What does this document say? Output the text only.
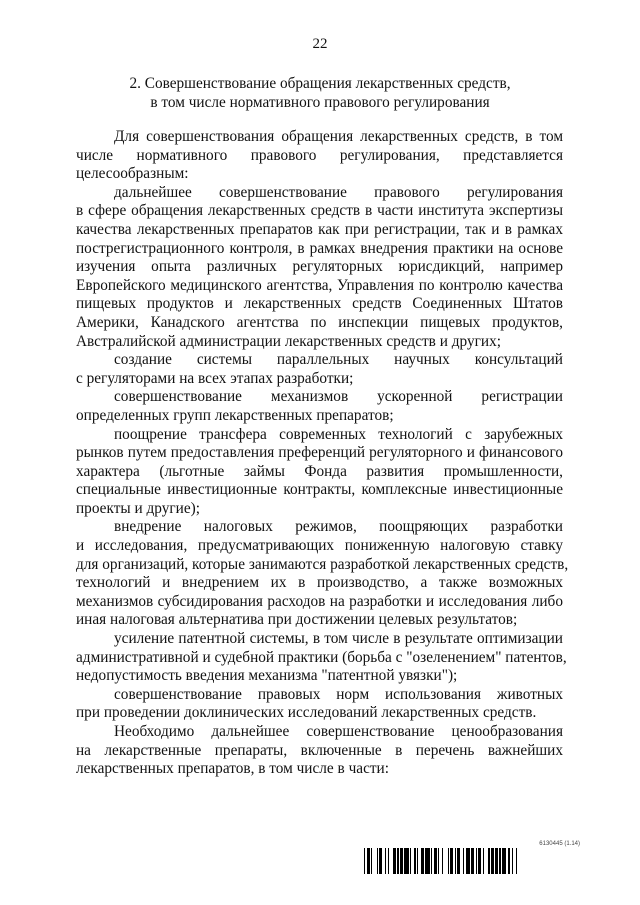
22
2. Совершенствование обращения лекарственных средств,
в том числе нормативного правового регулирования
Для совершенствования обращения лекарственных средств, в том
числе нормативного правового регулирования, представляется
целесообразным:
дальнейшее совершенствование правового регулирования
в сфере обращения лекарственных средств в части института экспертизы
качества лекарственных препаратов как при регистрации, так и в рамках
пострегистрационного контроля, в рамках внедрения практики на основе
изучения опыта различных регуляторных юрисдикций, например
Европейского медицинского агентства, Управления по контролю качества
пищевых продуктов и лекарственных средств Соединенных Штатов
Америки, Канадского агентства по инспекции пищевых продуктов,
Австралийской администрации лекарственных средств и других;
создание системы параллельных научных консультаций
с регуляторами на всех этапах разработки;
совершенствование механизмов ускоренной регистрации
определенных групп лекарственных препаратов;
поощрение трансфера современных технологий с зарубежных
рынков путем предоставления преференций регуляторного и финансового
характера (льготные займы Фонда развития промышленности,
специальные инвестиционные контракты, комплексные инвестиционные
проекты и другие);
внедрение налоговых режимов, поощряющих разработки
и исследования, предусматривающих пониженную налоговую ставку
для организаций, которые занимаются разработкой лекарственных средств,
технологий и внедрением их в производство, а также возможных
механизмов субсидирования расходов на разработки и исследования либо
иная налоговая альтернатива при достижении целевых результатов;
усиление патентной системы, в том числе в результате оптимизации
административной и судебной практики (борьба с "озеленением" патентов,
недопустимость введения механизма "патентной увязки");
совершенствование правовых норм использования животных
при проведении доклинических исследований лекарственных средств.
Необходимо дальнейшее совершенствование ценообразования
на лекарственные препараты, включенные в перечень важнейших
лекарственных препаратов, в том числе в части:
6130445 (1.14)
